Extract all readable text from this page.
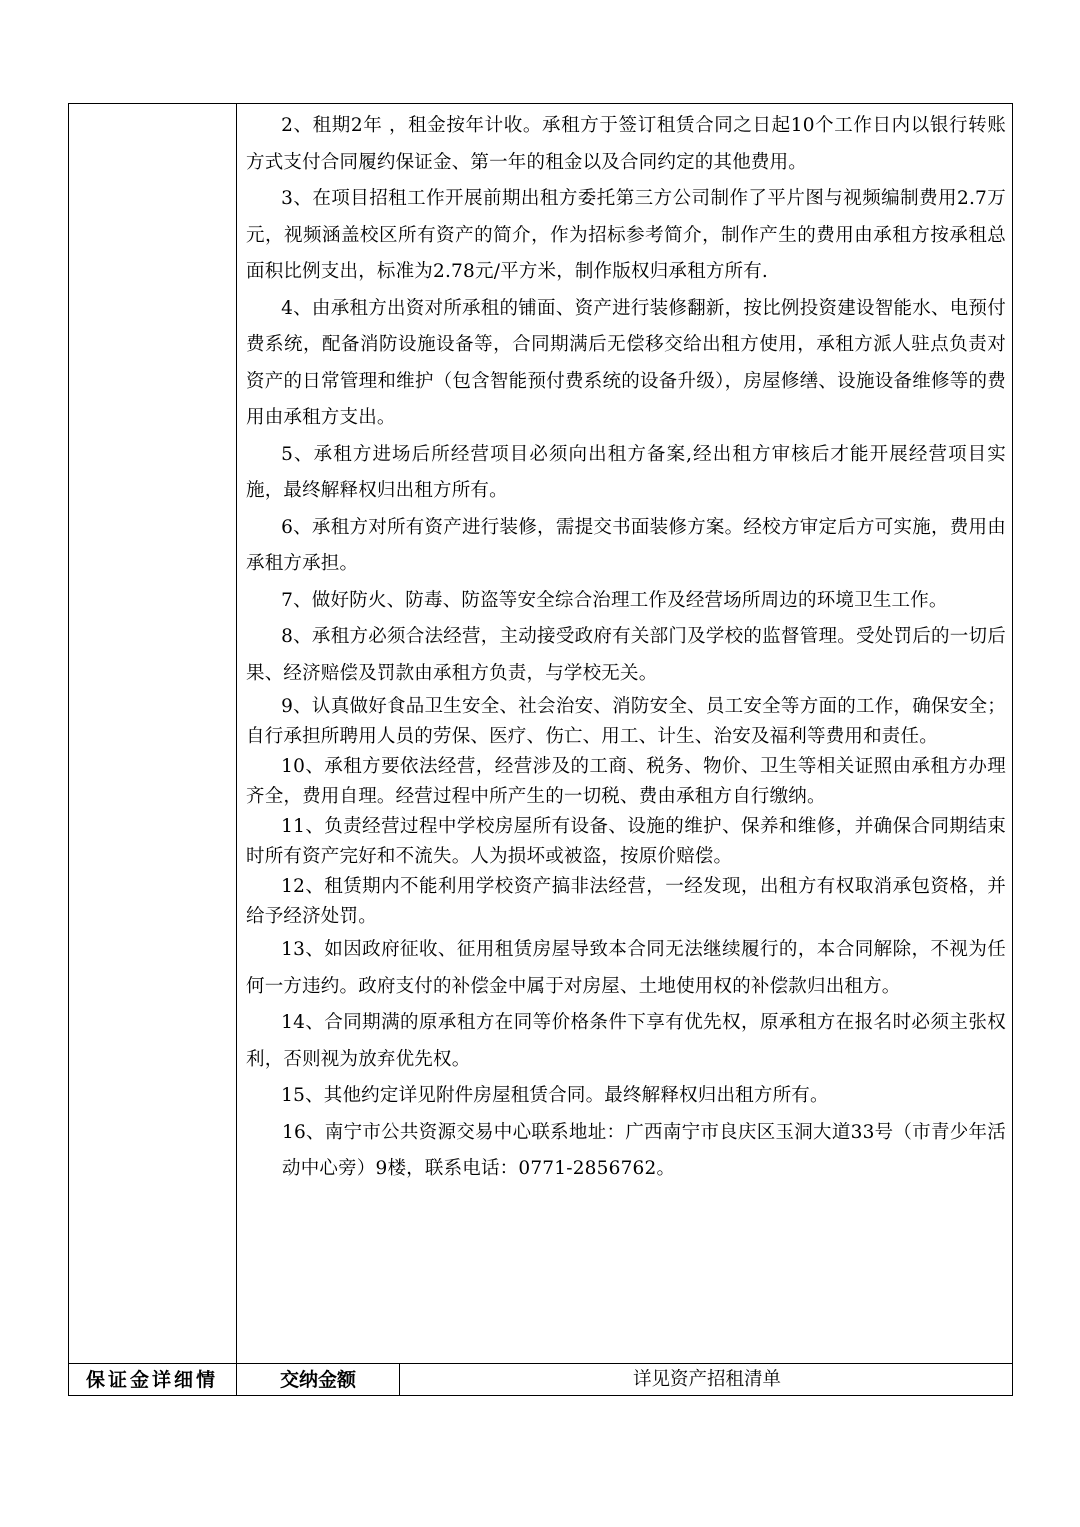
2、租期2年 ，租金按年计收。承租方于签订租赁合同之日起10个工作日内以银行转账方式支付合同履约保证金、第一年的租金以及合同约定的其他费用。

3、在项目招租工作开展前期出租方委托第三方公司制作了平片图与视频编制费用2.7万元，视频涵盖校区所有资产的简介，作为招标参考简介，制作产生的费用由承租方按承租总面积比例支出，标准为2.78元/平方米，制作版权归承租方所有.

4、由承租方出资对所承租的铺面、资产进行装修翻新，按比例投资建设智能水、电预付费系统，配备消防设施设备等，合同期满后无偿移交给出租方使用，承租方派人驻点负责对资产的日常管理和维护（包含智能预付费系统的设备升级），房屋修缮、设施设备维修等的费用由承租方支出。

5、承租方进场后所经营项目必须向出租方备案,经出租方审核后才能开展经营项目实施，最终解释权归出租方所有。

6、承租方对所有资产进行装修，需提交书面装修方案。经校方审定后方可实施，费用由承租方承担。

7、做好防火、防毒、防盗等安全综合治理工作及经营场所周边的环境卫生工作。

8、承租方必须合法经营，主动接受政府有关部门及学校的监督管理。受处罚后的一切后果、经济赔偿及罚款由承租方负责，与学校无关。

9、认真做好食品卫生安全、社会治安、消防安全、员工安全等方面的工作，确保安全；自行承担所聘用人员的劳保、医疗、伤亡、用工、计生、治安及福利等费用和责任。

10、承租方要依法经营，经营涉及的工商、税务、物价、卫生等相关证照由承租方办理齐全，费用自理。经营过程中所产生的一切税、费由承租方自行缴纳。

11、负责经营过程中学校房屋所有设备、设施的维护、保养和维修，并确保合同期结束时所有资产完好和不流失。人为损坏或被盗，按原价赔偿。

12、租赁期内不能利用学校资产搞非法经营，一经发现，出租方有权取消承包资格，并给予经济处罚。

13、如因政府征收、征用租赁房屋导致本合同无法继续履行的，本合同解除，不视为任何一方违约。政府支付的补偿金中属于对房屋、土地使用权的补偿款归出租方。

14、合同期满的原承租方在同等价格条件下享有优先权，原承租方在报名时必须主张权利，否则视为放弃优先权。

15、其他约定详见附件房屋租赁合同。最终解释权归出租方所有。

16、南宁市公共资源交易中心联系地址：广西南宁市良庆区玉洞大道33号（市青少年活动中心旁）9楼，联系电话：0771-2856762。

保证金详细情	交纳金额	详见资产招租清单
